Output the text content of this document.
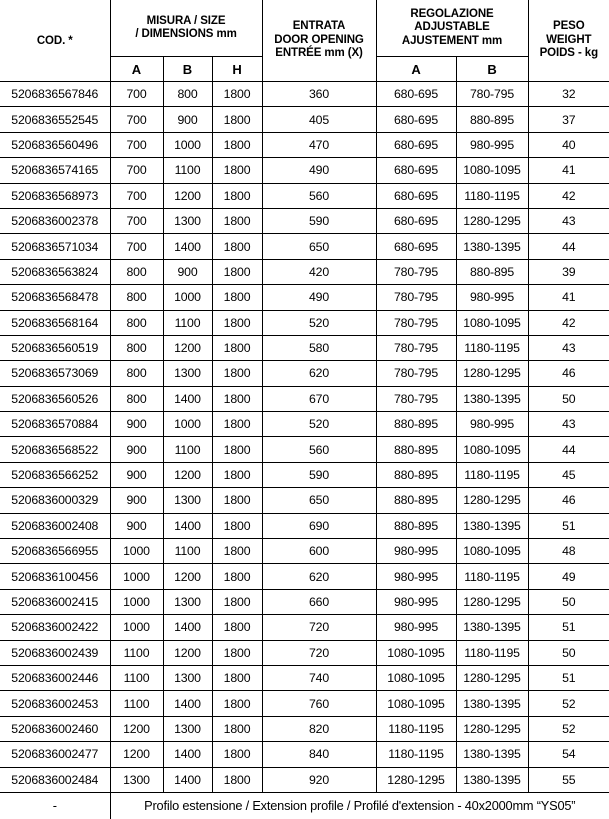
COD. *	
MISURA / SIZE
/ DIMENSIONS mm

ENTRATA
DOOR OPENING
ENTRÉE mm (X)

REGOLAZIONE
ADJUSTABLE
AJUSTEMENT mm

PESO
WEIGHT
POIDS - kg

	A	B	H		A	B	
5206836567846	700	800	1800	360	680-695	780-795	32
5206836552545	700	900	1800	405	680-695	880-895	37
5206836560496	700	1000	1800	470	680-695	980-995	40
5206836574165	700	1100	1800	490	680-695	1080-1095	41
5206836568973	700	1200	1800	560	680-695	1180-1195	42
5206836002378	700	1300	1800	590	680-695	1280-1295	43
5206836571034	700	1400	1800	650	680-695	1380-1395	44
5206836563824	800	900	1800	420	780-795	880-895	39
5206836568478	800	1000	1800	490	780-795	980-995	41
5206836568164	800	1100	1800	520	780-795	1080-1095	42
5206836560519	800	1200	1800	580	780-795	1180-1195	43
5206836573069	800	1300	1800	620	780-795	1280-1295	46
5206836560526	800	1400	1800	670	780-795	1380-1395	50
5206836570884	900	1000	1800	520	880-895	980-995	43
5206836568522	900	1100	1800	560	880-895	1080-1095	44
5206836566252	900	1200	1800	590	880-895	1180-1195	45
5206836000329	900	1300	1800	650	880-895	1280-1295	46
5206836002408	900	1400	1800	690	880-895	1380-1395	51
5206836566955	1000	1100	1800	600	980-995	1080-1095	48
5206836100456	1000	1200	1800	620	980-995	1180-1195	49
5206836002415	1000	1300	1800	660	980-995	1280-1295	50
5206836002422	1000	1400	1800	720	980-995	1380-1395	51
5206836002439	1100	1200	1800	720	1080-1095	1180-1195	50
5206836002446	1100	1300	1800	740	1080-1095	1280-1295	51
5206836002453	1100	1400	1800	760	1080-1095	1380-1395	52
5206836002460	1200	1300	1800	820	1180-1195	1280-1295	52
5206836002477	1200	1400	1800	840	1180-1195	1380-1395	54
5206836002484	1300	1400	1800	920	1280-1295	1380-1395	55
-	Profilo estensione / Extension profile / Profilé d'extension - 40x2000mm “YS05”						
